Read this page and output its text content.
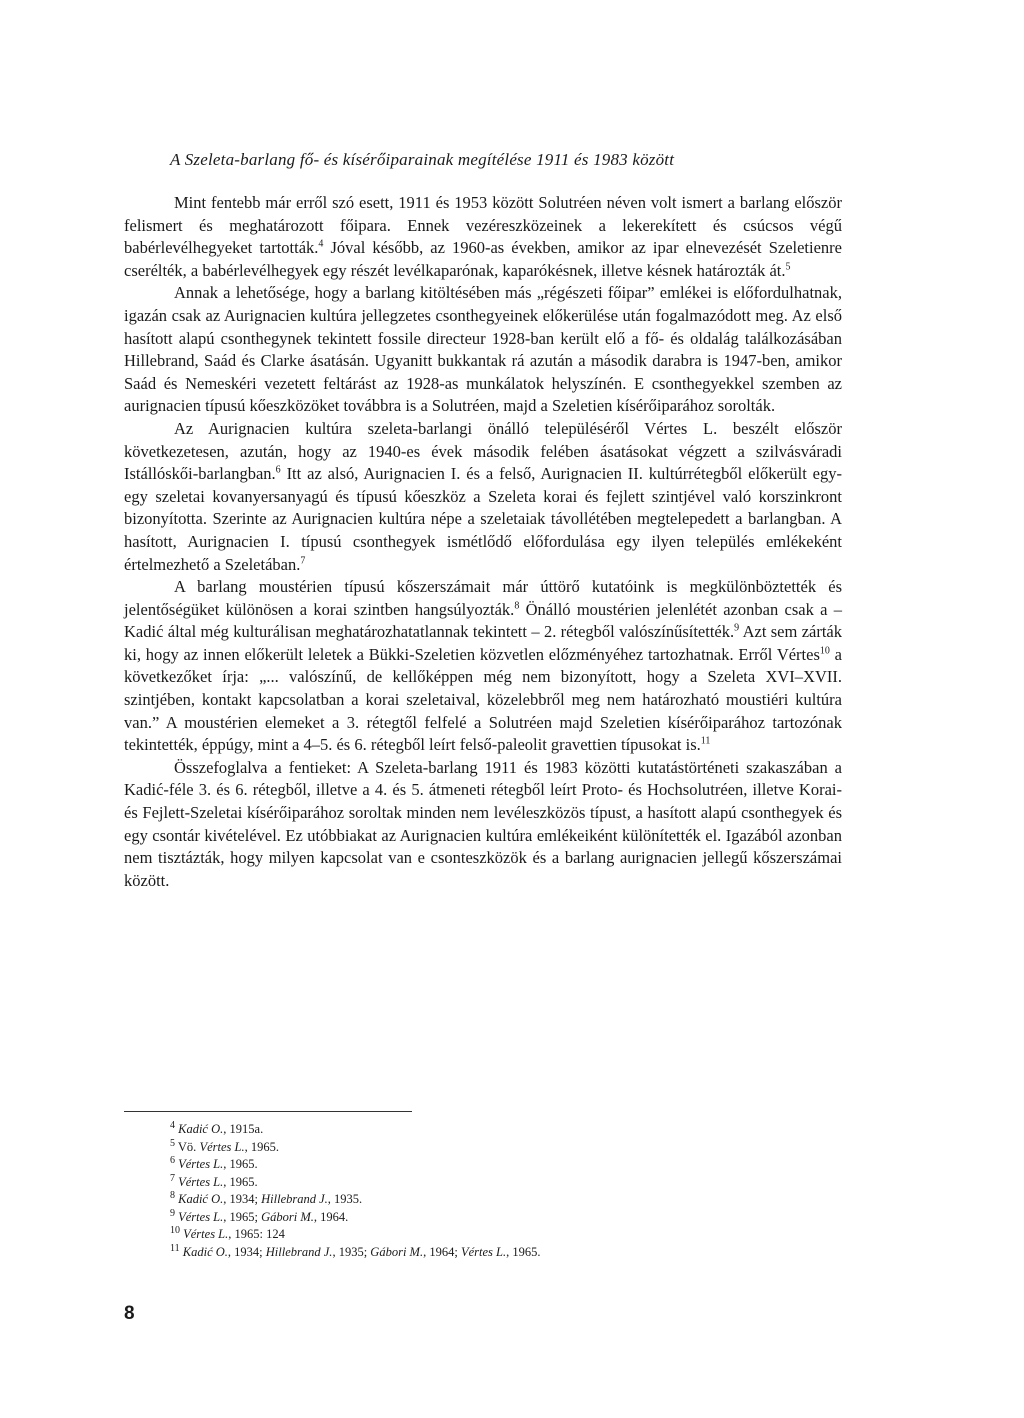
A Szeleta-barlang fő- és kísérőiparainak megítélése 1911 és 1983 között

Mint fentebb már erről szó esett, 1911 és 1953 között Solutréen néven volt ismert a barlang először felismert és meghatározott főipara. Ennek vezéreszközeinek a lekerekített és csúcsos végű babérlevélhegyeket tartották.$^4$ Jóval később, az 1960-as években, amikor az ipar elnevezését Szeletienre cserélték, a babérlevélhegyek egy részét levélkaparónak, kaparókésnek, illetve késnek határozták át.$^5$

Annak a lehetősége, hogy a barlang kitöltésében más „régészeti főipar” emlékei is előfordulhatnak, igazán csak az Aurignacien kultúra jellegzetes csonthegyeinek előkerülése után fogalmazódott meg. Az első hasított alapú csonthegynek tekintett fossile directeur 1928-ban került elő a fő- és oldalág találkozásában Hillebrand, Saád és Clarke ásatásán. Ugyanitt bukkantak rá azután a második darabra is 1947-ben, amikor Saád és Nemeskéri vezetett feltárást az 1928-as munkálatok helyszínén. E csonthegyekkel szemben az aurignacien típusú kőeszközöket továbbra is a Solutréen, majd a Szeletien kísérőiparához sorolták.

Az Aurignacien kultúra szeleta-barlangi önálló településéről Vértes L. beszélt először következetesen, azután, hogy az 1940-es évek második felében ásatásokat végzett a szilvásváradi Istállóskői-barlangban.$^6$ Itt az alsó, Aurignacien I. és a felső, Aurignacien II. kultúrrétegből előkerült egy-egy szeletai kovanyersanyagú és típusú kőeszköz a Szeleta korai és fejlett szintjével való korszinkront bizonyította. Szerinte az Aurignacien kultúra népe a szeletaiak távollétében megtelepedett a barlangban. A hasított, Aurignacien I. típusú csonthegyek ismétlődő előfordulása egy ilyen település emlékeként értelmezhető a Szeletában.$^7$

A barlang moustérien típusú kőszerszámait már úttörő kutatóink is megkülönböztették és jelentőségüket különösen a korai szintben hangsúlyozták.$^8$ Önálló moustérien jelenlétét azonban csak a – Kadić által még kulturálisan meghatározhatatlannak tekintett – 2. rétegből valószínűsítették.$^9$ Azt sem zárták ki, hogy az innen előkerült leletek a Bükki-Szeletien közvetlen előzményéhez tartozhatnak. Erről Vértes$^{10}$ a következőket írja: „... valószínű, de kellőképpen még nem bizonyított, hogy a Szeleta XVI–XVII. szintjében, kontakt kapcsolatban a korai szeletaival, közelebbről meg nem határozható moustiéri kultúra van.” A moustérien elemeket a 3. rétegtől felfelé a Solutréen majd Szeletien kísérőiparához tartozónak tekintették, éppúgy, mint a 4–5. és 6. rétegből leírt felső-paleolit gravettien típusokat is.$^{11}$

Összefoglalva a fentieket: A Szeleta-barlang 1911 és 1983 közötti kutatástörténeti szakaszában a Kadić-féle 3. és 6. rétegből, illetve a 4. és 5. átmeneti rétegből leírt Proto- és Hochsolutréen, illetve Korai- és Fejlett-Szeletai kísérőiparához soroltak minden nem levéleszközös típust, a hasított alapú csonthegyek és egy csontár kivételével. Ez utóbbiakat az Aurignacien kultúra emlékeiként különítették el. Igazából azonban nem tisztázták, hogy milyen kapcsolat van e csonteszközök és a barlang aurignacien jellegű kőszerszámai között.

$^4$ Kadić O., 1915a.
$^5$ Vö. Vértes L., 1965.
$^6$ Vértes L., 1965.
$^7$ Vértes L., 1965.
$^8$ Kadić O., 1934; Hillebrand J., 1935.
$^9$ Vértes L., 1965; Gábori M., 1964.
$^{10}$ Vértes L., 1965: 124
$^{11}$ Kadić O., 1934; Hillebrand J., 1935; Gábori M., 1964; Vértes L., 1965.
8
